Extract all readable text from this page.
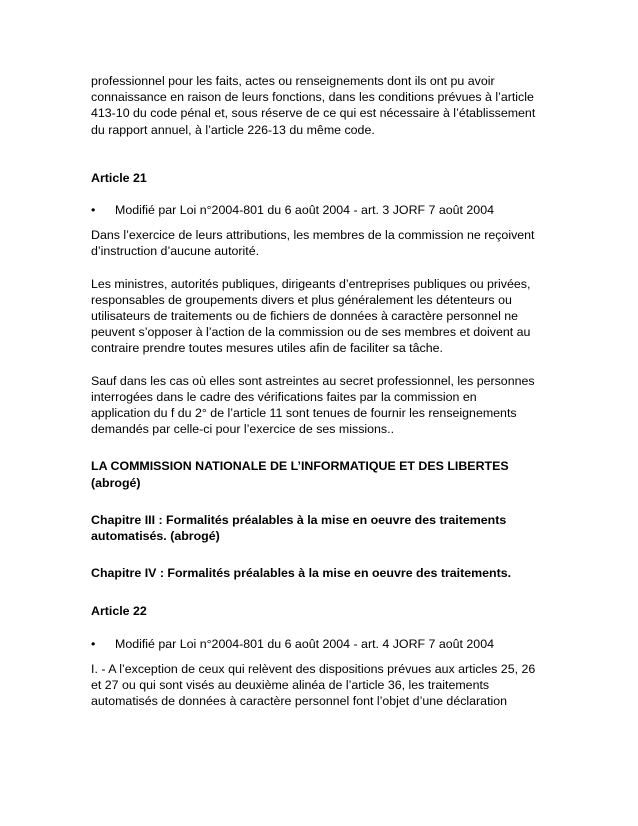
professionnel pour les faits, actes ou renseignements dont ils ont pu avoir

connaissance en raison de leurs fonctions, dans les conditions prévues à l’article

413-10 du code pénal et, sous réserve de ce qui est nécessaire à l’établissement

du rapport annuel, à l’article 226-13 du même code.

Article 21

•	Modifié par Loi n°2004-801 du 6 août 2004 - art. 3 JORF 7 août 2004

Dans l’exercice de leurs attributions, les membres de la commission ne reçoivent

d’instruction d’aucune autorité.

Les ministres, autorités publiques, dirigeants d’entreprises publiques ou privées,

responsables de groupements divers et plus généralement les détenteurs ou

utilisateurs de traitements ou de fichiers de données à caractère personnel ne

peuvent s’opposer à l’action de la commission ou de ses membres et doivent au

contraire prendre toutes mesures utiles afin de faciliter sa tâche.

Sauf dans les cas où elles sont astreintes au secret professionnel, les personnes

interrogées dans le cadre des vérifications faites par la commission en

application du f du 2° de l’article 11 sont tenues de fournir les renseignements

demandés par celle-ci pour l’exercice de ses missions..

LA COMMISSION NATIONALE DE L’INFORMATIQUE ET DES LIBERTES

(abrogé)

Chapitre III : Formalités préalables à la mise en oeuvre des traitements

automatisés. (abrogé)

Chapitre IV : Formalités préalables à la mise en oeuvre des traitements.

Article 22

•	Modifié par Loi n°2004-801 du 6 août 2004 - art. 4 JORF 7 août 2004

I. - A l’exception de ceux qui relèvent des dispositions prévues aux articles 25, 26

et 27 ou qui sont visés au deuxième alinéa de l’article 36, les traitements

automatisés de données à caractère personnel font l’objet d’une déclaration
